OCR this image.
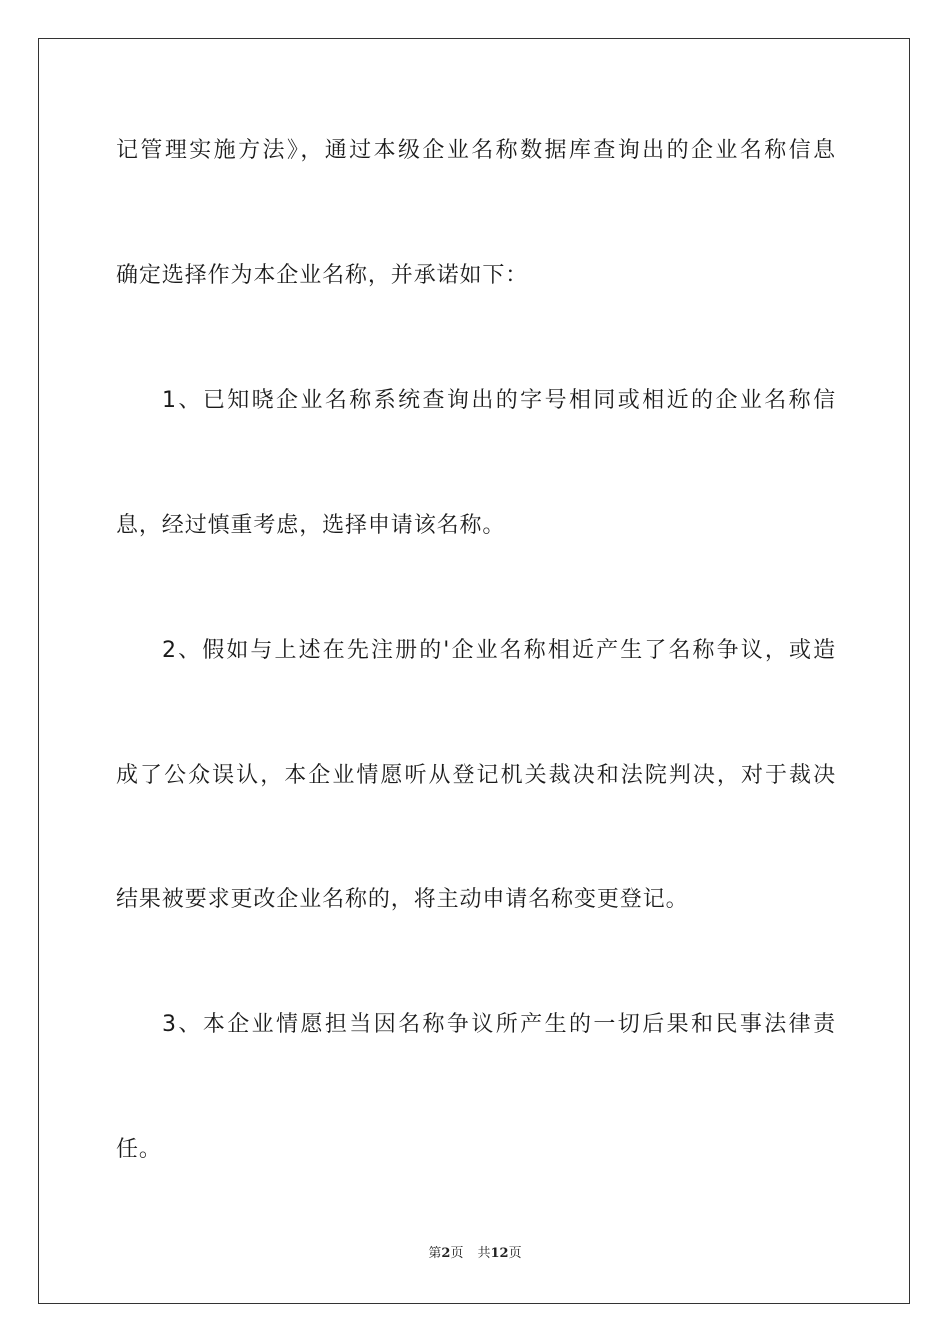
记管理实施方法》，通过本级企业名称数据库查询出的企业名称信息
确定选择作为本企业名称，并承诺如下：
1、已知晓企业名称系统查询出的字号相同或相近的企业名称信
息，经过慎重考虑，选择申请该名称。
2、假如与上述在先注册的'企业名称相近产生了名称争议，或造
成了公众误认，本企业情愿听从登记机关裁决和法院判决，对于裁决
结果被要求更改企业名称的，将主动申请名称变更登记。
3、本企业情愿担当因名称争议所产生的一切后果和民事法律责
任。
第2页 共12页
